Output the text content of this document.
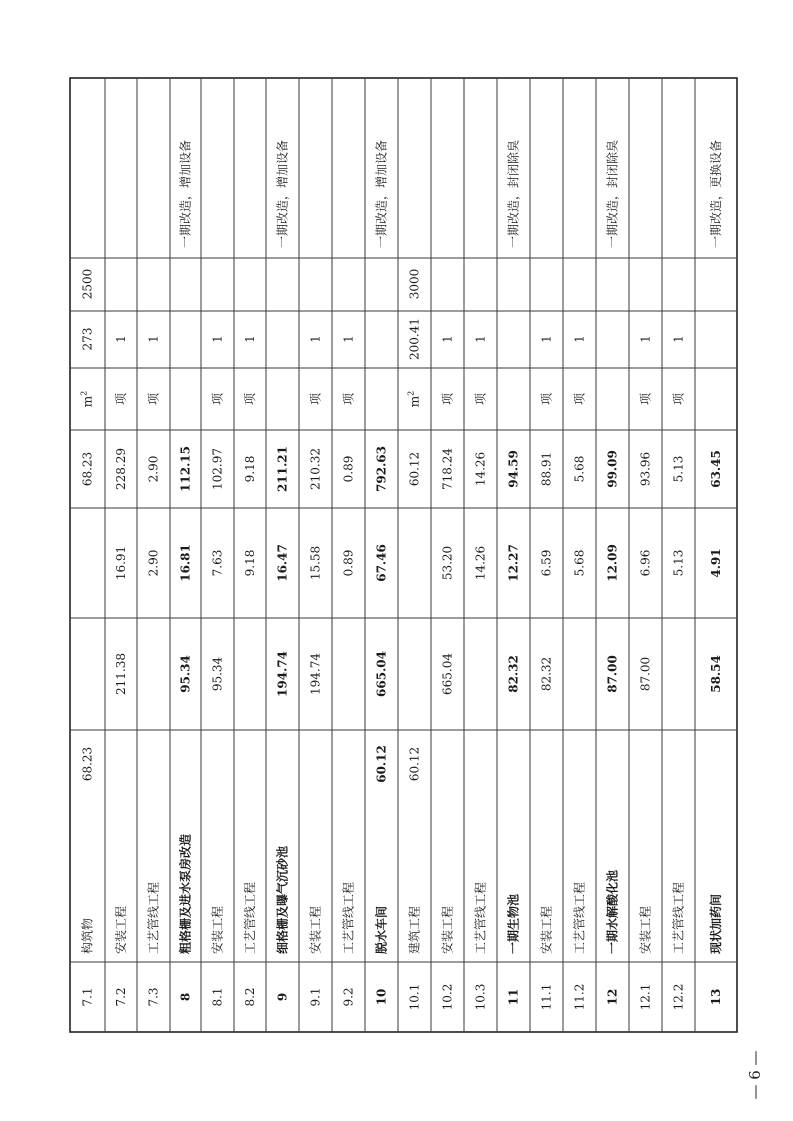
7.1
构筑物
68.23
68.23
$m^2$
273
2500
7.2
安装工程
211.38
16.91
228.29
项
1
7.3
工艺管线工程
2.90
2.90
项
1
8
粗格栅及进水泵房改造
95.34
16.81
112.15
一期改造，增加设备
8.1
安装工程
95.34
7.63
102.97
项
1
8.2
工艺管线工程
9.18
9.18
项
1
9
细格栅及曝气沉砂池
194.74
16.47
211.21
一期改造，增加设备
9.1
安装工程
194.74
15.58
210.32
项
1
9.2
工艺管线工程
0.89
0.89
项
1
10
脱水车间
60.12
665.04
67.46
792.63
一期改造，增加设备
10.1
建筑工程
60.12
60.12
$m^2$
200.41
3000
10.2
安装工程
665.04
53.20
718.24
项
1
10.3
工艺管线工程
14.26
14.26
项
1
11
一期生物池
82.32
12.27
94.59
一期改造，封闭除臭
11.1
安装工程
82.32
6.59
88.91
项
1
11.2
工艺管线工程
5.68
5.68
项
1
12
一期水解酸化池
87.00
12.09
99.09
一期改造，封闭除臭
12.1
安装工程
87.00
6.96
93.96
项
1
12.2
工艺管线工程
5.13
5.13
项
1
13
现状加药间
58.54
4.91
63.45
一期改造，更换设备
— 6 —
